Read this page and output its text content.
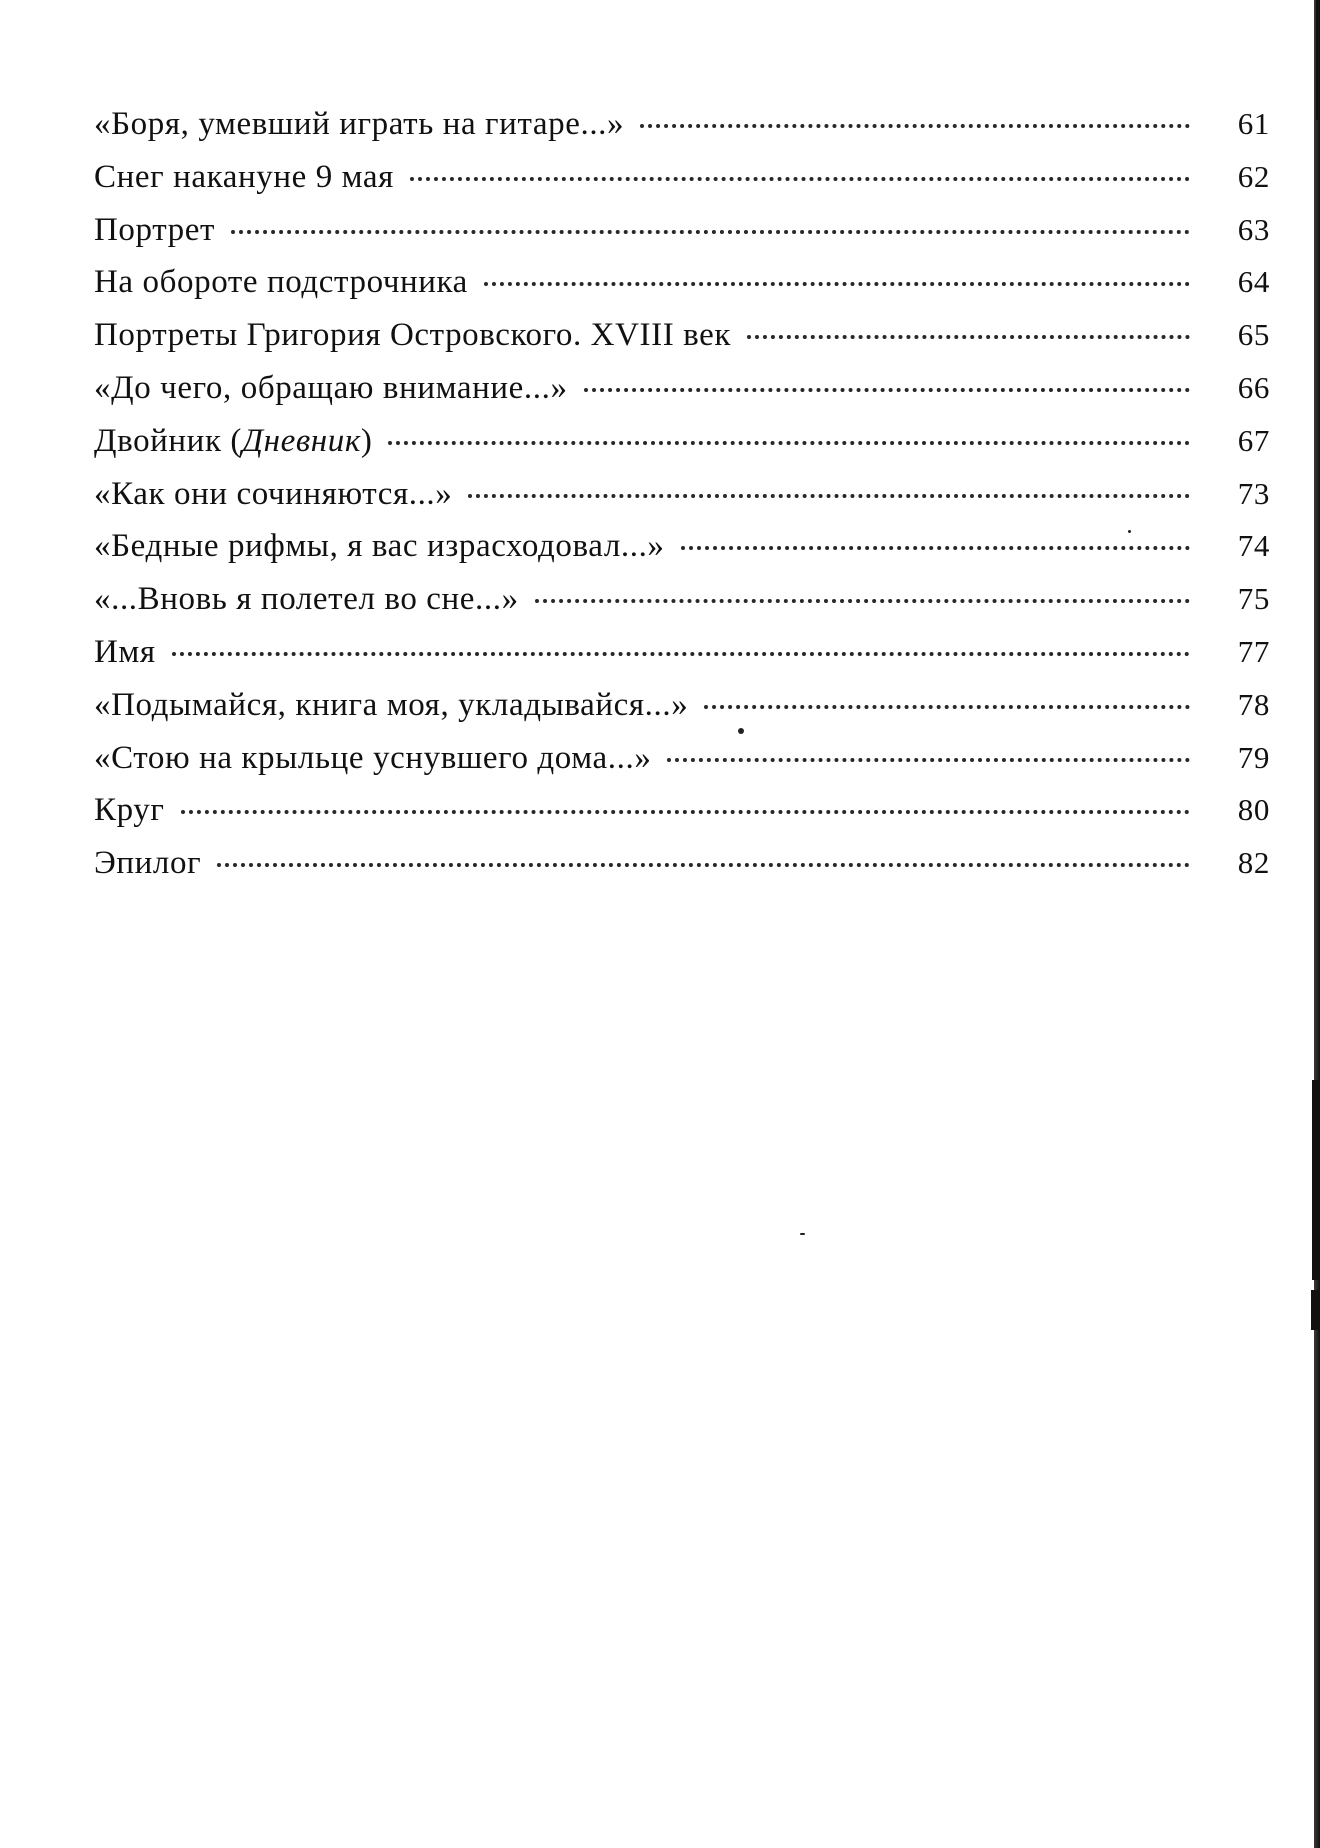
«Боря, умевший играть на гитаре...»	61
Снег накануне 9 мая	62
Портрет	63
На обороте подстрочника	64
Портреты Григория Островского. XVIII век	65
«До чего, обращаю внимание...»	66
Двойник (Дневник)	67
«Как они сочиняются...»	73
«Бедные рифмы, я вас израсходовал...»	74
«...Вновь я полетел во сне...»	75
Имя	77
«Подымайся, книга моя, укладывайся...»	78
«Стою на крыльце уснувшего дома...»	79
Круг	80
Эпилог	82
